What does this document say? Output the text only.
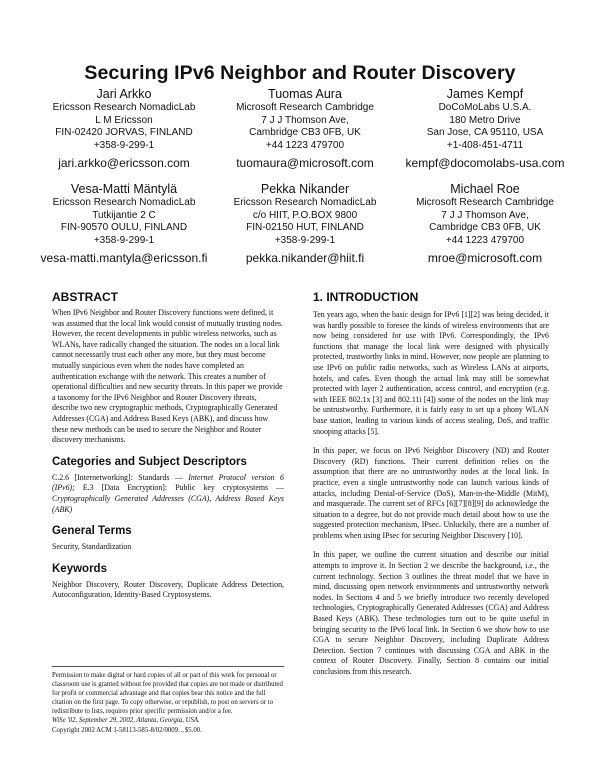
Securing IPv6 Neighbor and Router Discovery
Jari Arkko
Ericsson Research NomadicLab
L M Ericsson
FIN-02420 JORVAS, FINLAND
+358-9-299-1
jari.arkko@ericsson.com
Tuomas Aura
Microsoft Research Cambridge
7 J J Thomson Ave,
Cambridge CB3 0FB, UK
+44 1223 479700
tuomaura@microsoft.com
James Kempf
DoCoMoLabs U.S.A.
180 Metro Drive
San Jose, CA 95110, USA
+1-408-451-4711
kempf@docomolabs-usa.com
Vesa-Matti Mäntylä
Ericsson Research NomadicLab
Tutkijantie 2 C
FIN-90570 OULU, FINLAND
+358-9-299-1
vesa-matti.mantyla@ericsson.fi
Pekka Nikander
Ericsson Research NomadicLab
c/o HIIT, P.O.BOX 9800
FIN-02150 HUT, FINLAND
+358-9-299-1
pekka.nikander@hiit.fi
Michael Roe
Microsoft Research Cambridge
7 J J Thomson Ave,
Cambridge CB3 0FB, UK
+44 1223 479700
mroe@microsoft.com
ABSTRACT

When IPv6 Neighbor and Router Discovery functions were defined, it was assumed that the local link would consist of mutually trusting nodes. However, the recent developments in public wireless networks, such as WLANs, have radically changed the situation. The nodes on a local link cannot necessarily trust each other any more, but they must become mutually suspicious even when the nodes have completed an authentication exchange with the network. This creates a number of operational difficulties and new security threats. In this paper we provide a taxonomy for the IPv6 Neighbor and Router Discovery threats, describe two new cryptographic methods, Cryptographically Generated Addresses (CGA) and Address Based Keys (ABK), and discuss how these new methods can be used to secure the Neighbor and Router discovery mechanisms.

Categories and Subject Descriptors

C.2.6 [Internetworking]: Standards — Internet Protocol version 6 (IPv6); E.3 [Data Encryption]: Public key cryptosystems — Cryptographically Generated Addresses (CGA), Address Based Keys (ABK)

General Terms

Security, Standardization

Keywords

Neighbor Discovery, Router Discovery, Duplicate Address Detection, Autoconfiguration, Identity-Based Cryptosystems.

Permission to make digital or hard copies of all or part of this work for personal or classroom use is granted without fee provided that copies are not made or distributed for profit or commercial advantage and that copies bear this notice and the full citation on the first page. To copy otherwise, or republish, to post on servers or to redistribute to lists, requires prior specific permission and/or a fee.

WiSe '02, September 29, 2002, Atlanta, Georgia, USA.

Copyright 2002 ACM 1-58113-585-8/02/0009…$5.00.

1. INTRODUCTION

Ten years ago, when the basic design for IPv6 [1][2] was being decided, it was hardly possible to foresee the kinds of wireless environments that are now being considered for use with IPv6. Correspondingly, the IPv6 functions that manage the local link were designed with physically protected, trustworthy links in mind. However, now people are planning to use IPv6 on public radio networks, such as Wireless LANs at airports, hotels, and cafes. Even though the actual link may still be somewhat protected with layer 2 authentication, access control, and encryption (e.g. with IEEE 802.1x [3] and 802.11i [4]) some of the nodes on the link may be untrustworthy. Furthermore, it is fairly easy to set up a phony WLAN base station, leading to various kinds of access stealing, DoS, and traffic snooping attacks [5].

In this paper, we focus on IPv6 Neighbor Discovery (ND) and Router Discovery (RD) functions. Their current definition relies on the assumption that there are no untrustworthy nodes at the local link. In practice, even a single untrustworthy node can launch various kinds of attacks, including Denial-of-Service (DoS), Man-in-the-Middle (MitM), and masquerade. The current set of RFCs [6][7][8][9] do acknowledge the situation to a degree, but do not provide much detail about how to use the suggested protection mechanism, IPsec. Unluckily, there are a number of problems when using IPsec for securing Neighbor Discovery [10].

In this paper, we outline the current situation and describe our initial attempts to improve it. In Section 2 we describe the background, i.e., the current technology. Section 3 outlines the threat model that we have in mind, discussing open network environments and untrustworthy network nodes. In Sections 4 and 5 we briefly introduce two recently developed technologies, Cryptographically Generated Addresses (CGA) and Address Based Keys (ABK). These technologies turn out to be quite useful in bringing security to the IPv6 local link. In Section 6 we show how to use CGA to secure Neighbor Discovery, including Duplicate Address Detection. Section 7 continues with discussing CGA and ABK in the context of Router Discovery. Finally, Section 8 contains our initial conclusions from this research.
